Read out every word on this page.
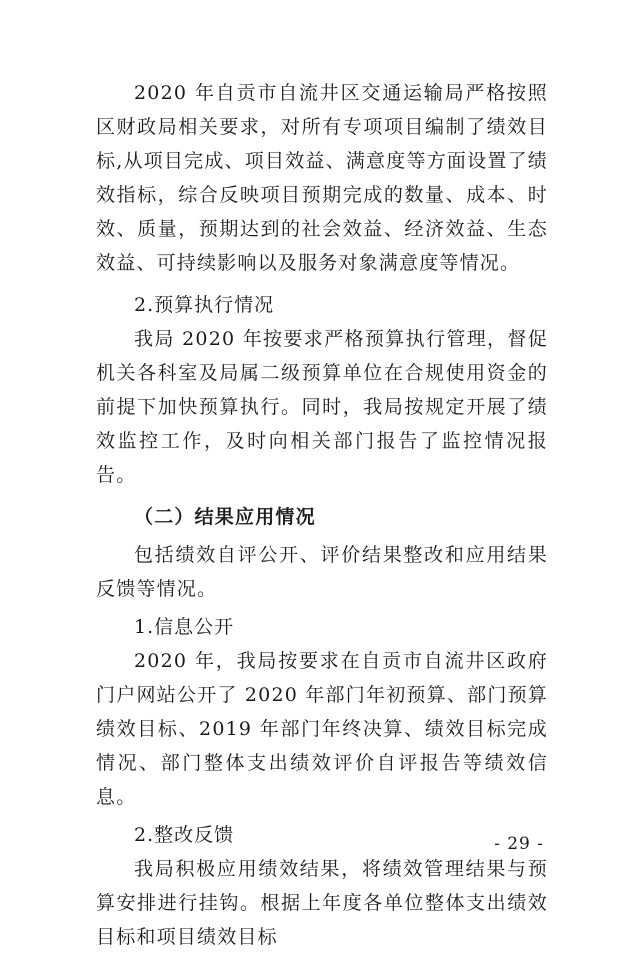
2020 年自贡市自流井区交通运输局严格按照区财政局相关要求，对所有专项项目编制了绩效目标,从项目完成、项目效益、满意度等方面设置了绩效指标，综合反映项目预期完成的数量、成本、时效、质量，预期达到的社会效益、经济效益、生态效益、可持续影响以及服务对象满意度等情况。

2.预算执行情况

我局 2020 年按要求严格预算执行管理，督促机关各科室及局属二级预算单位在合规使用资金的前提下加快预算执行。同时，我局按规定开展了绩效监控工作，及时向相关部门报告了监控情况报告。

（二）结果应用情况

包括绩效自评公开、评价结果整改和应用结果反馈等情况。

1.信息公开

2020 年，我局按要求在自贡市自流井区政府门户网站公开了 2020 年部门年初预算、部门预算绩效目标、2019 年部门年终决算、绩效目标完成情况、部门整体支出绩效评价自评报告等绩效信息。

2.整改反馈

我局积极应用绩效结果，将绩效管理结果与预算安排进行挂钩。根据上年度各单位整体支出绩效目标和项目绩效目标

- 29 -
